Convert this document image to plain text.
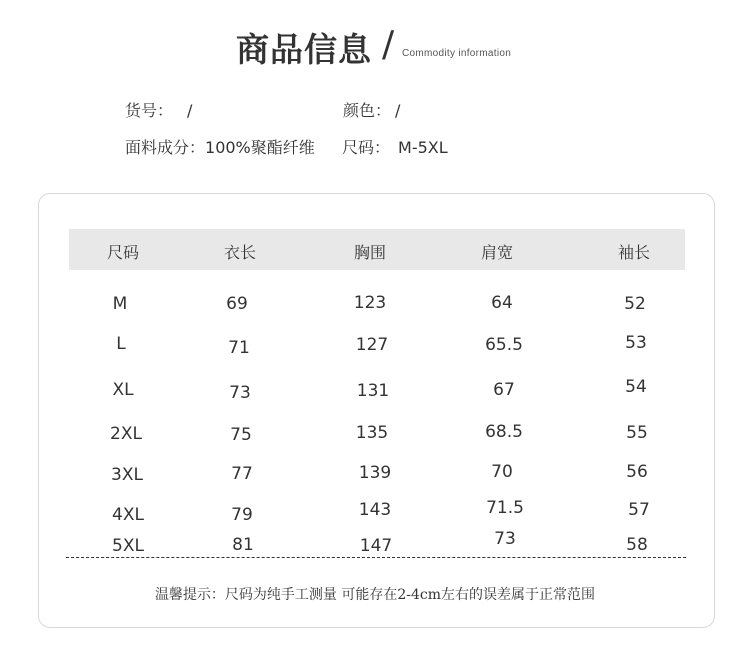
商品信息 / Commodity information
货号： /	颜色： /
面料成分：100%聚酯纤维 尺码： M-5XL
尺码	衣长	胸围	肩宽	袖长
M	69	123	64	52
L	71	127	65.5	53
XL	73	131	67	54
2XL	75	135	68.5	55
3XL	77	139	70	56
4XL	79	143	71.5	57
5XL	81	147	73	58
温馨提示：尺码为纯手工测量 可能存在2-4cm左右的误差属于正常范围
